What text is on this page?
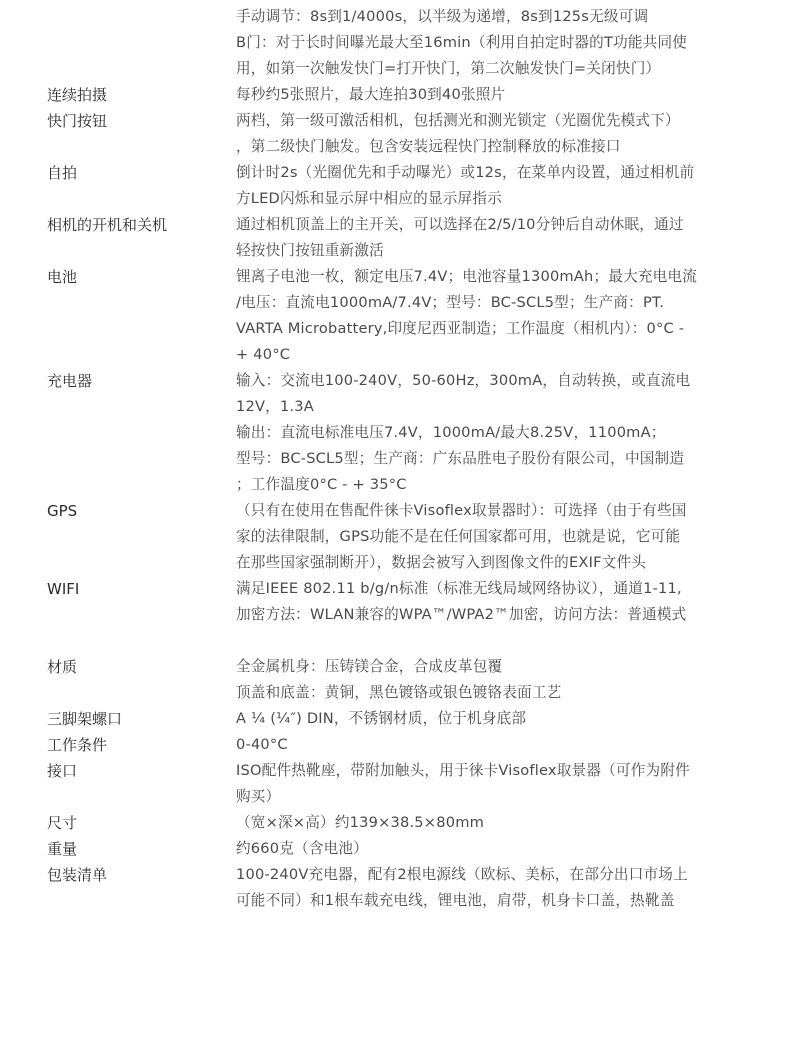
手动调节：8s到1/4000s，以半级为递增，8s到125s无级可调
B门：对于长时间曝光最大至16min（利用自拍定时器的T功能共同使
用，如第一次触发快门=打开快门，第二次触发快门=关闭快门）
连续拍摄	每秒约5张照片，最大连拍30到40张照片
快门按钮	两档，第一级可激活相机，包括测光和测光锁定（光圈优先模式下）
，第二级快门触发。包含安装远程快门控制释放的标准接口
自拍	倒计时2s（光圈优先和手动曝光）或12s，在菜单内设置，通过相机前
方LED闪烁和显示屏中相应的显示屏指示
相机的开机和关机	通过相机顶盖上的主开关，可以选择在2/5/10分钟后自动休眠，通过
轻按快门按钮重新激活
电池	锂离子电池一枚，额定电压7.4V；电池容量1300mAh；最大充电电流
/电压：直流电1000mA/7.4V；型号：BC-SCL5型；生产商：PT.
VARTA Microbattery,印度尼西亚制造；工作温度（相机内）：0°C -
+ 40°C
充电器	输入：交流电100-240V，50-60Hz，300mA，自动转换，或直流电
12V，1.3A
输出：直流电标准电压7.4V，1000mA/最大8.25V，1100mA；
型号：BC-SCL5型；生产商：广东品胜电子股份有限公司，中国制造
；工作温度0°C - + 35°C
GPS	（只有在使用在售配件徕卡Visoflex取景器时）：可选择（由于有些国
家的法律限制，GPS功能不是在任何国家都可用，也就是说，它可能
在那些国家强制断开），数据会被写入到图像文件的EXIF文件头
WIFI	满足IEEE 802.11 b/g/n标准（标准无线局域网络协议），通道1-11,
加密方法：WLAN兼容的WPA™/WPA2™加密，访问方法：普通模式
材质	全金属机身：压铸镁合金，合成皮革包覆
顶盖和底盖：黄铜，黑色镀铬或银色镀铬表面工艺
三脚架螺口	A ¼ (¼″) DIN，不锈钢材质，位于机身底部
工作条件	0-40°C
接口	ISO配件热靴座，带附加触头，用于徕卡Visoflex取景器（可作为附件
购买）
尺寸	（宽×深×高）约139×38.5×80mm
重量	约660克（含电池）
包装清单	100-240V充电器，配有2根电源线（欧标、美标，在部分出口市场上
可能不同）和1根车载充电线，锂电池，肩带，机身卡口盖，热靴盖
